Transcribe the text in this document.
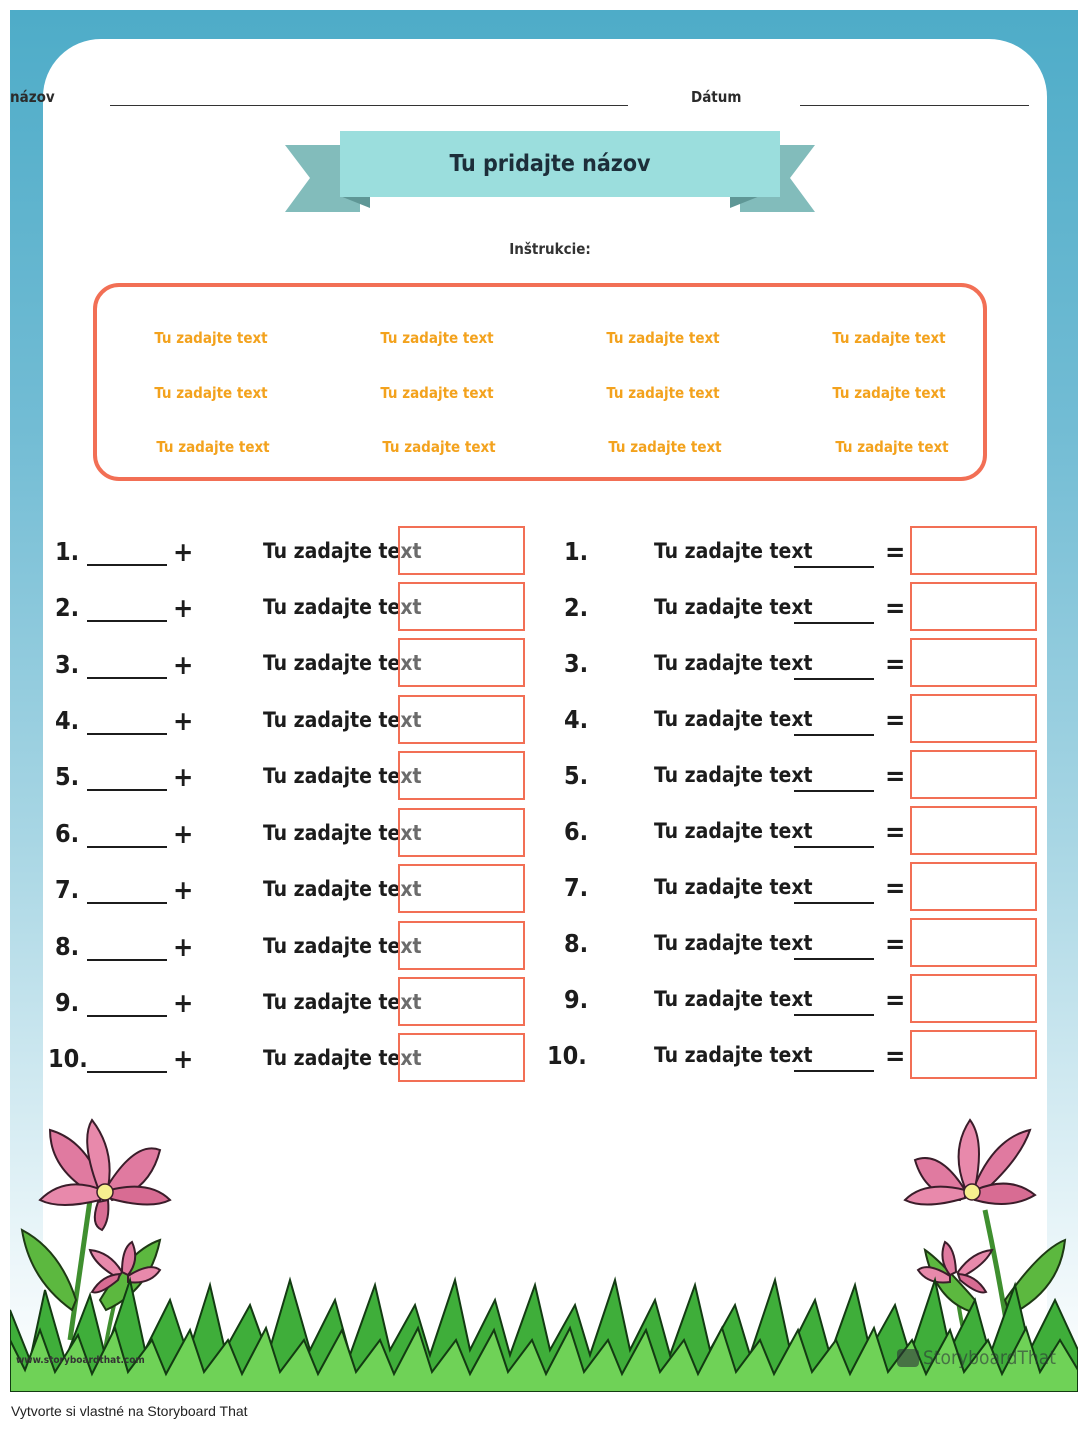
názov	Dátum
Tu pridajte názov
Inštrukcie:
Tu zadajte text	Tu zadajte text	Tu zadajte text	Tu zadajte text
Tu zadajte text	Tu zadajte text	Tu zadajte text	Tu zadajte text
Tu zadajte text	Tu zadajte text	Tu zadajte text	Tu zadajte text
1.	+	Tu zadajte text
2.	+	Tu zadajte text
3.	+	Tu zadajte text
4.	+	Tu zadajte text
5.	+	Tu zadajte text
6.	+	Tu zadajte text
7.	+	Tu zadajte text
8.	+	Tu zadajte text
9.	+	Tu zadajte text
10.	+	Tu zadajte text
1.	Tu zadajte text	=
2.	Tu zadajte text	=
3.	Tu zadajte text	=
4.	Tu zadajte text	=
5.	Tu zadajte text	=
6.	Tu zadajte text	=
7.	Tu zadajte text	=
8.	Tu zadajte text	=
9.	Tu zadajte text	=
10.	Tu zadajte text	=
www.storyboardthat.com	StoryboardThat
Vytvorte si vlastné na Storyboard That
